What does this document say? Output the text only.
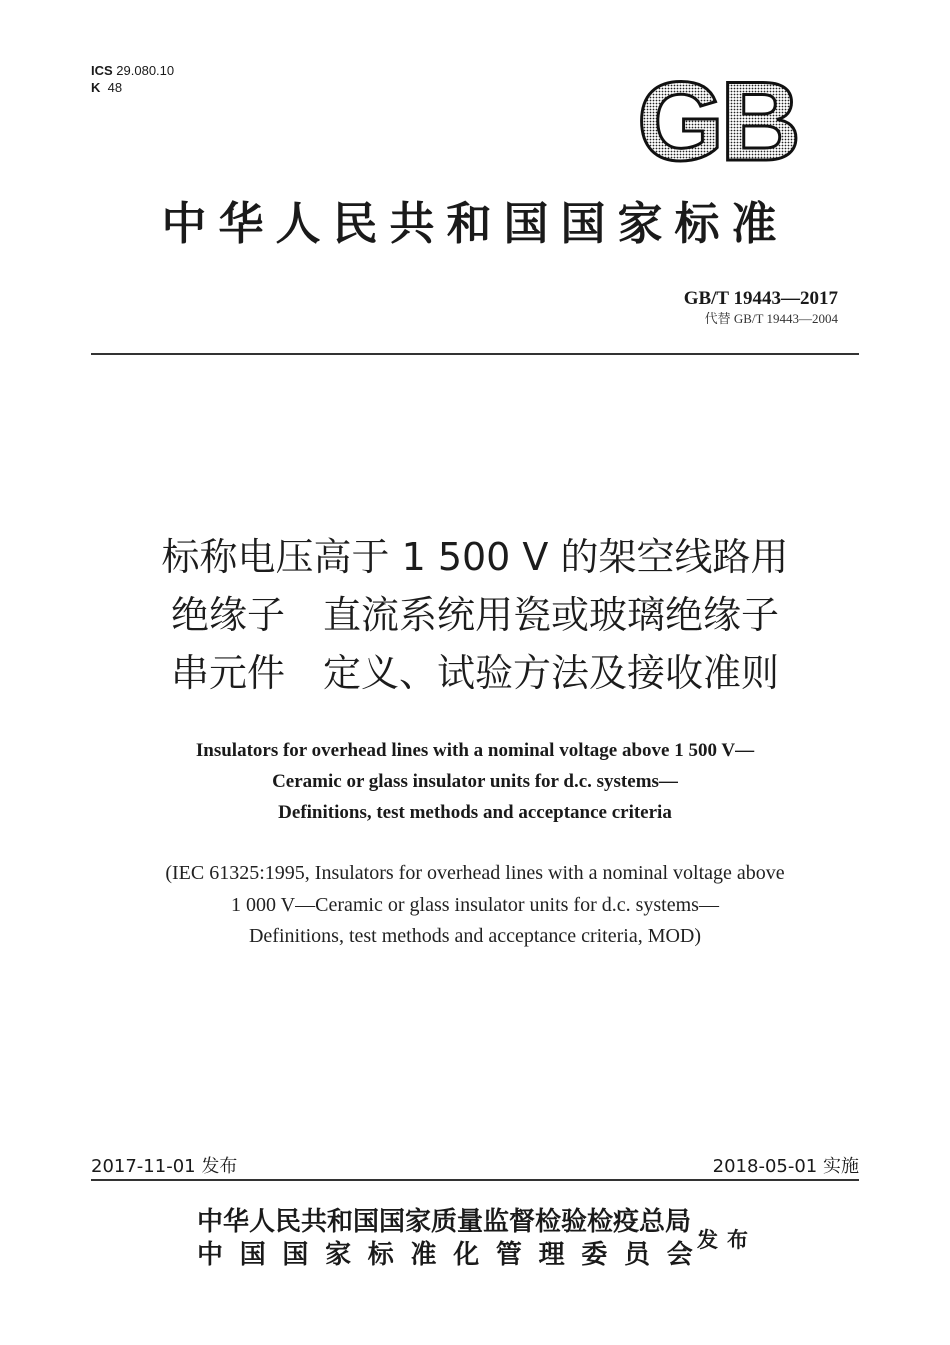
ICS 29.080.10
K 48	GB
中华人民共和国国家标准
GB/T 19443—2017
代替 GB/T 19443—2004
标称电压高于 1 500 V 的架空线路用
绝缘子　直流系统用瓷或玻璃绝缘子
串元件　定义、试验方法及接收准则
Insulators for overhead lines with a nominal voltage above 1 500 V—
Ceramic or glass insulator units for d.c. systems—
Definitions, test methods and acceptance criteria
(IEC 61325:1995, Insulators for overhead lines with a nominal voltage above
1 000 V—Ceramic or glass insulator units for d.c. systems—
Definitions, test methods and acceptance criteria, MOD)
2017-11-01 发布	2018-05-01 实施
中华人民共和国国家质量监督检验检疫总局
中国国家标准化管理委员会
发布
